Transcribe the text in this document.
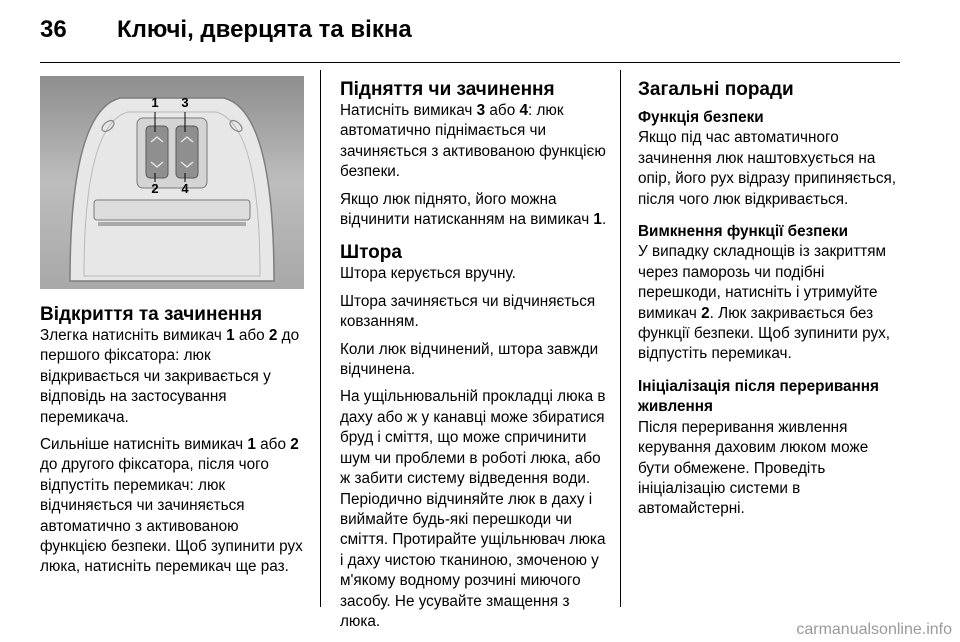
36 Ключі, дверцята та вікна
1 3
2 4
Відкриття та зачинення

Злегка натисніть вимикач 1 або 2 до першого фіксатора: люк відкривається чи закривається у відповідь на застосування перемикача.

Сильніше натисніть вимикач 1 або 2 до другого фіксатора, після чого відпустіть перемикач: люк відчиняється чи зачиняється автоматично з активованою функцією безпеки. Щоб зупинити рух люка, натисніть перемикач ще раз.

Підняття чи зачинення

Натисніть вимикач 3 або 4: люк автоматично піднімається чи зачиняється з активованою функцією безпеки.

Якщо люк піднято, його можна відчинити натисканням на вимикач 1.

Штора

Штора керується вручну.

Штора зачиняється чи відчиняється ковзанням.

Коли люк відчинений, штора завжди відчинена.

На ущільнювальній прокладці люка в даху або ж у канавці може збиратися бруд і сміття, що може спричинити шум чи проблеми в роботі люка, або ж забити систему відведення води. Періодично відчиняйте люк в даху і виймайте будь-які перешкоди чи сміття. Протирайте ущільнювач люка і даху чистою тканиною, змоченою у м'якому водному розчині миючого засобу. Не усувайте змащення з люка.

Загальні поради
Функція безпеки

Якщо під час автоматичного зачинення люк наштовхується на опір, його рух відразу припиняється, після чого люк відкривається.

Вимкнення функції безпеки

У випадку складнощів із закриттям через паморозь чи подібні перешкоди, натисніть і утримуйте вимикач 2. Люк закривається без функції безпеки. Щоб зупинити рух, відпустіть перемикач.

Ініціалізація після переривання живлення

Після переривання живлення керування даховим люком може бути обмежене. Проведіть ініціалізацію системи в автомайстерні.

carmanualsonline.info
